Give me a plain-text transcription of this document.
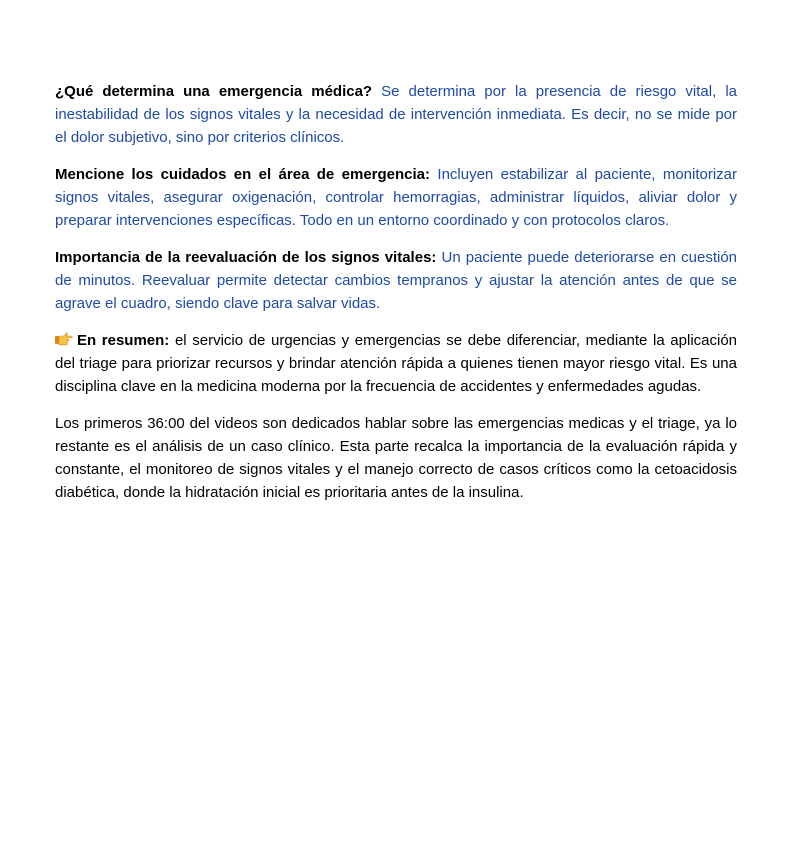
¿Qué determina una emergencia médica? Se determina por la presencia de riesgo vital, la inestabilidad de los signos vitales y la necesidad de intervención inmediata. Es decir, no se mide por el dolor subjetivo, sino por criterios clínicos.

Mencione los cuidados en el área de emergencia: Incluyen estabilizar al paciente, monitorizar signos vitales, asegurar oxigenación, controlar hemorragias, administrar líquidos, aliviar dolor y preparar intervenciones específicas. Todo en un entorno coordinado y con protocolos claros.

Importancia de la reevaluación de los signos vitales: Un paciente puede deteriorarse en cuestión de minutos. Reevaluar permite detectar cambios tempranos y ajustar la atención antes de que se agrave el cuadro, siendo clave para salvar vidas.

En resumen: el servicio de urgencias y emergencias se debe diferenciar, mediante la aplicación del triage para priorizar recursos y brindar atención rápida a quienes tienen mayor riesgo vital. Es una disciplina clave en la medicina moderna por la frecuencia de accidentes y enfermedades agudas.

Los primeros 36:00 del videos son dedicados hablar sobre las emergencias medicas y el triage, ya lo restante es el análisis de un caso clínico. Esta parte recalca la importancia de la evaluación rápida y constante, el monitoreo de signos vitales y el manejo correcto de casos críticos como la cetoacidosis diabética, donde la hidratación inicial es prioritaria antes de la insulina.
